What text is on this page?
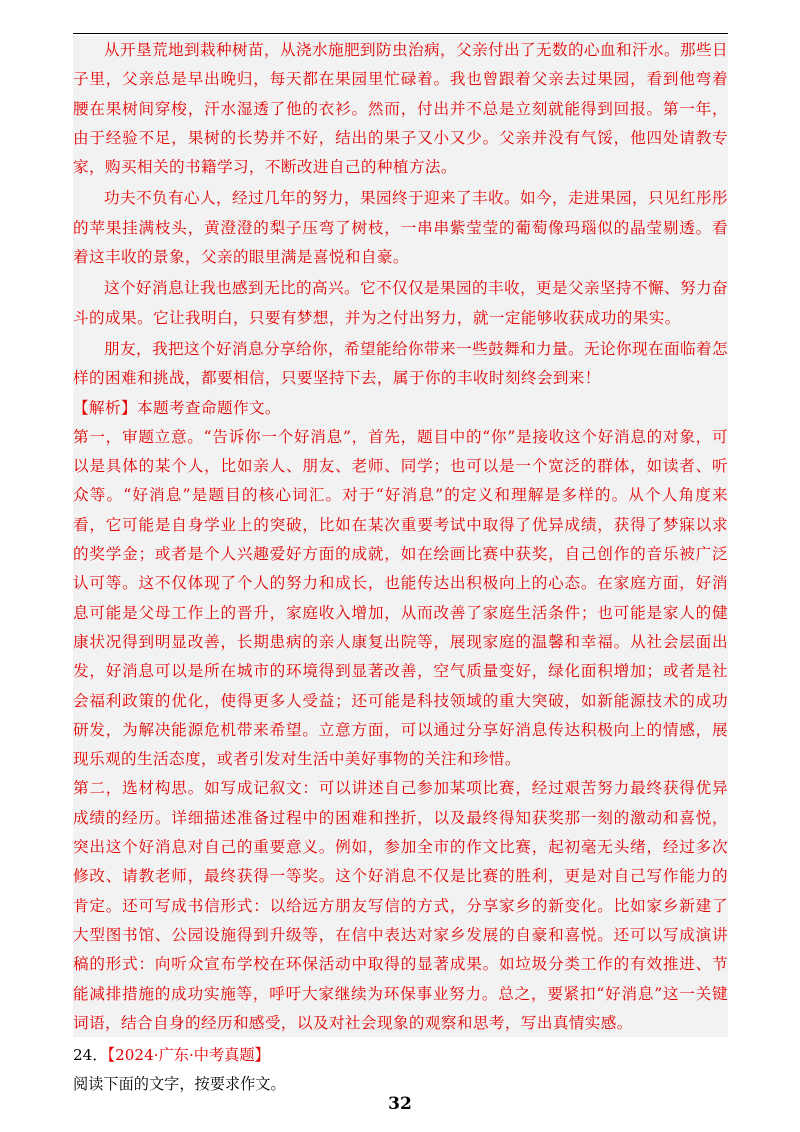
从开垦荒地到栽种树苗，从浇水施肥到防虫治病，父亲付出了无数的心血和汗水。那些日子里，父亲总是早出晚归，每天都在果园里忙碌着。我也曾跟着父亲去过果园，看到他弯着腰在果树间穿梭，汗水湿透了他的衣衫。然而，付出并不总是立刻就能得到回报。第一年，由于经验不足，果树的长势并不好，结出的果子又小又少。父亲并没有气馁，他四处请教专家，购买相关的书籍学习，不断改进自己的种植方法。

功夫不负有心人，经过几年的努力，果园终于迎来了丰收。如今，走进果园，只见红彤彤的苹果挂满枝头，黄澄澄的梨子压弯了树枝，一串串紫莹莹的葡萄像玛瑙似的晶莹剔透。看着这丰收的景象，父亲的眼里满是喜悦和自豪。

这个好消息让我也感到无比的高兴。它不仅仅是果园的丰收，更是父亲坚持不懈、努力奋斗的成果。它让我明白，只要有梦想，并为之付出努力，就一定能够收获成功的果实。

朋友，我把这个好消息分享给你，希望能给你带来一些鼓舞和力量。无论你现在面临着怎样的困难和挑战，都要相信，只要坚持下去，属于你的丰收时刻终会到来！

【解析】本题考查命题作文。

第一，审题立意。“告诉你一个好消息”，首先，题目中的“你”是接收这个好消息的对象，可以是具体的某个人，比如亲人、朋友、老师、同学；也可以是一个宽泛的群体，如读者、听众等。“好消息”是题目的核心词汇。对于“好消息”的定义和理解是多样的。从个人角度来看，它可能是自身学业上的突破，比如在某次重要考试中取得了优异成绩，获得了梦寐以求的奖学金；或者是个人兴趣爱好方面的成就，如在绘画比赛中获奖，自己创作的音乐被广泛认可等。这不仅体现了个人的努力和成长，也能传达出积极向上的心态。在家庭方面，好消息可能是父母工作上的晋升，家庭收入增加，从而改善了家庭生活条件；也可能是家人的健康状况得到明显改善，长期患病的亲人康复出院等，展现家庭的温馨和幸福。从社会层面出发，好消息可以是所在城市的环境得到显著改善，空气质量变好，绿化面积增加；或者是社会福利政策的优化，使得更多人受益；还可能是科技领域的重大突破，如新能源技术的成功研发，为解决能源危机带来希望。立意方面，可以通过分享好消息传达积极向上的情感，展现乐观的生活态度，或者引发对生活中美好事物的关注和珍惜。

第二，选材构思。如写成记叙文：可以讲述自己参加某项比赛，经过艰苦努力最终获得优异成绩的经历。详细描述准备过程中的困难和挫折，以及最终得知获奖那一刻的激动和喜悦，突出这个好消息对自己的重要意义。例如，参加全市的作文比赛，起初毫无头绪，经过多次修改、请教老师，最终获得一等奖。这个好消息不仅是比赛的胜利，更是对自己写作能力的肯定。还可写成书信形式：以给远方朋友写信的方式，分享家乡的新变化。比如家乡新建了大型图书馆、公园设施得到升级等，在信中表达对家乡发展的自豪和喜悦。还可以写成演讲稿的形式：向听众宣布学校在环保活动中取得的显著成果。如垃圾分类工作的有效推进、节能减排措施的成功实施等，呼吁大家继续为环保事业努力。总之，要紧扣“好消息”这一关键词语，结合自身的经历和感受，以及对社会现象的观察和思考，写出真情实感。

24．【2024·广东·中考真题】

阅读下面的文字，按要求作文。

32
